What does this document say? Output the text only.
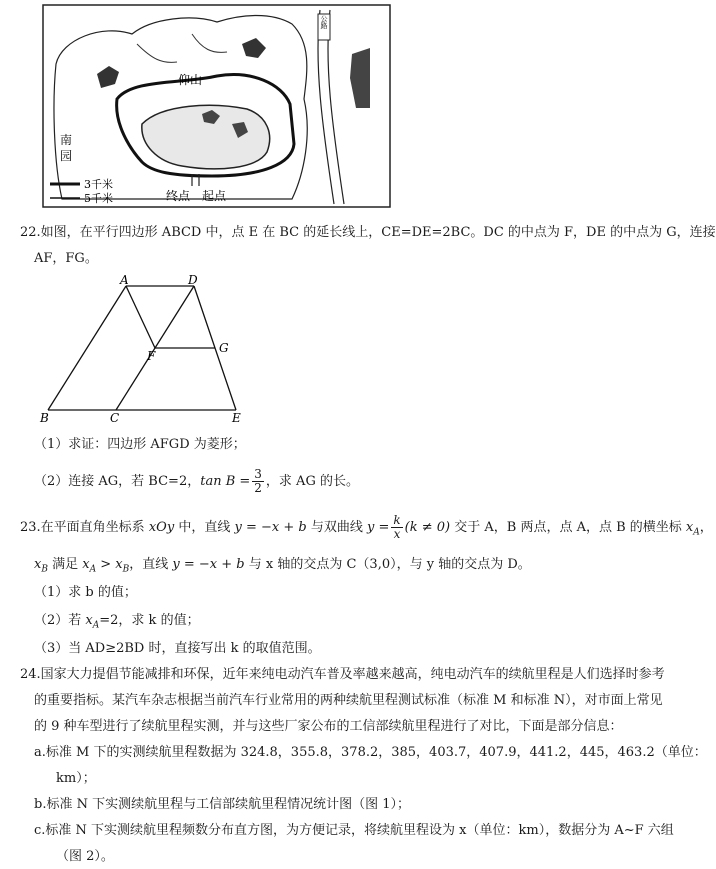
公路
仰山
南
园
3千米
5千米	终点 起点
22.如图，在平行四边形 ABCD 中，点 E 在 BC 的延长线上，CE=DE=2BC。DC 的中点为 F，DE 的中点为 G，连接
AF，FG。
A	D
F
G
B	C	E
（1）求证：四边形 AFGD 为菱形；
（2）连接 AG，若 BC=2，$\tan B = \frac{3}{2}$ ，求 AG 的长。
23.在平面直角坐标系 xOy 中，直线 y = −x + b 与双曲线 $y = \frac{k}{x} (k \ne 0)$ 交于 A，B 两点，点 A，点 B 的横坐标 $x_A$，
$x_B$ 满足 $x_A > x_B$，直线 y = −x + b 与 x 轴的交点为 C（3,0），与 y 轴的交点为 D。
（1）求 b 的值；
（2）若 $x_A=2$，求 k 的值；
（3）当 AD≥2BD 时，直接写出 k 的取值范围。
24.国家大力提倡节能减排和环保，近年来纯电动汽车普及率越来越高，纯电动汽车的续航里程是人们选择时参考
的重要指标。某汽车杂志根据当前汽车行业常用的两种续航里程测试标准（标准 M 和标准 N），对市面上常见
的 9 种车型进行了续航里程实测，并与这些厂家公布的工信部续航里程进行了对比，下面是部分信息：
a.标准 M 下的实测续航里程数据为 324.8，355.8，378.2，385，403.7，407.9，441.2，445，463.2（单位：
km）；
b.标准 N 下实测续航里程与工信部续航里程情况统计图（图 1）；
c.标准 N 下实测续航里程频数分布直方图，为方便记录，将续航里程设为 x（单位：km），数据分为 A~F 六组
（图 2）。
